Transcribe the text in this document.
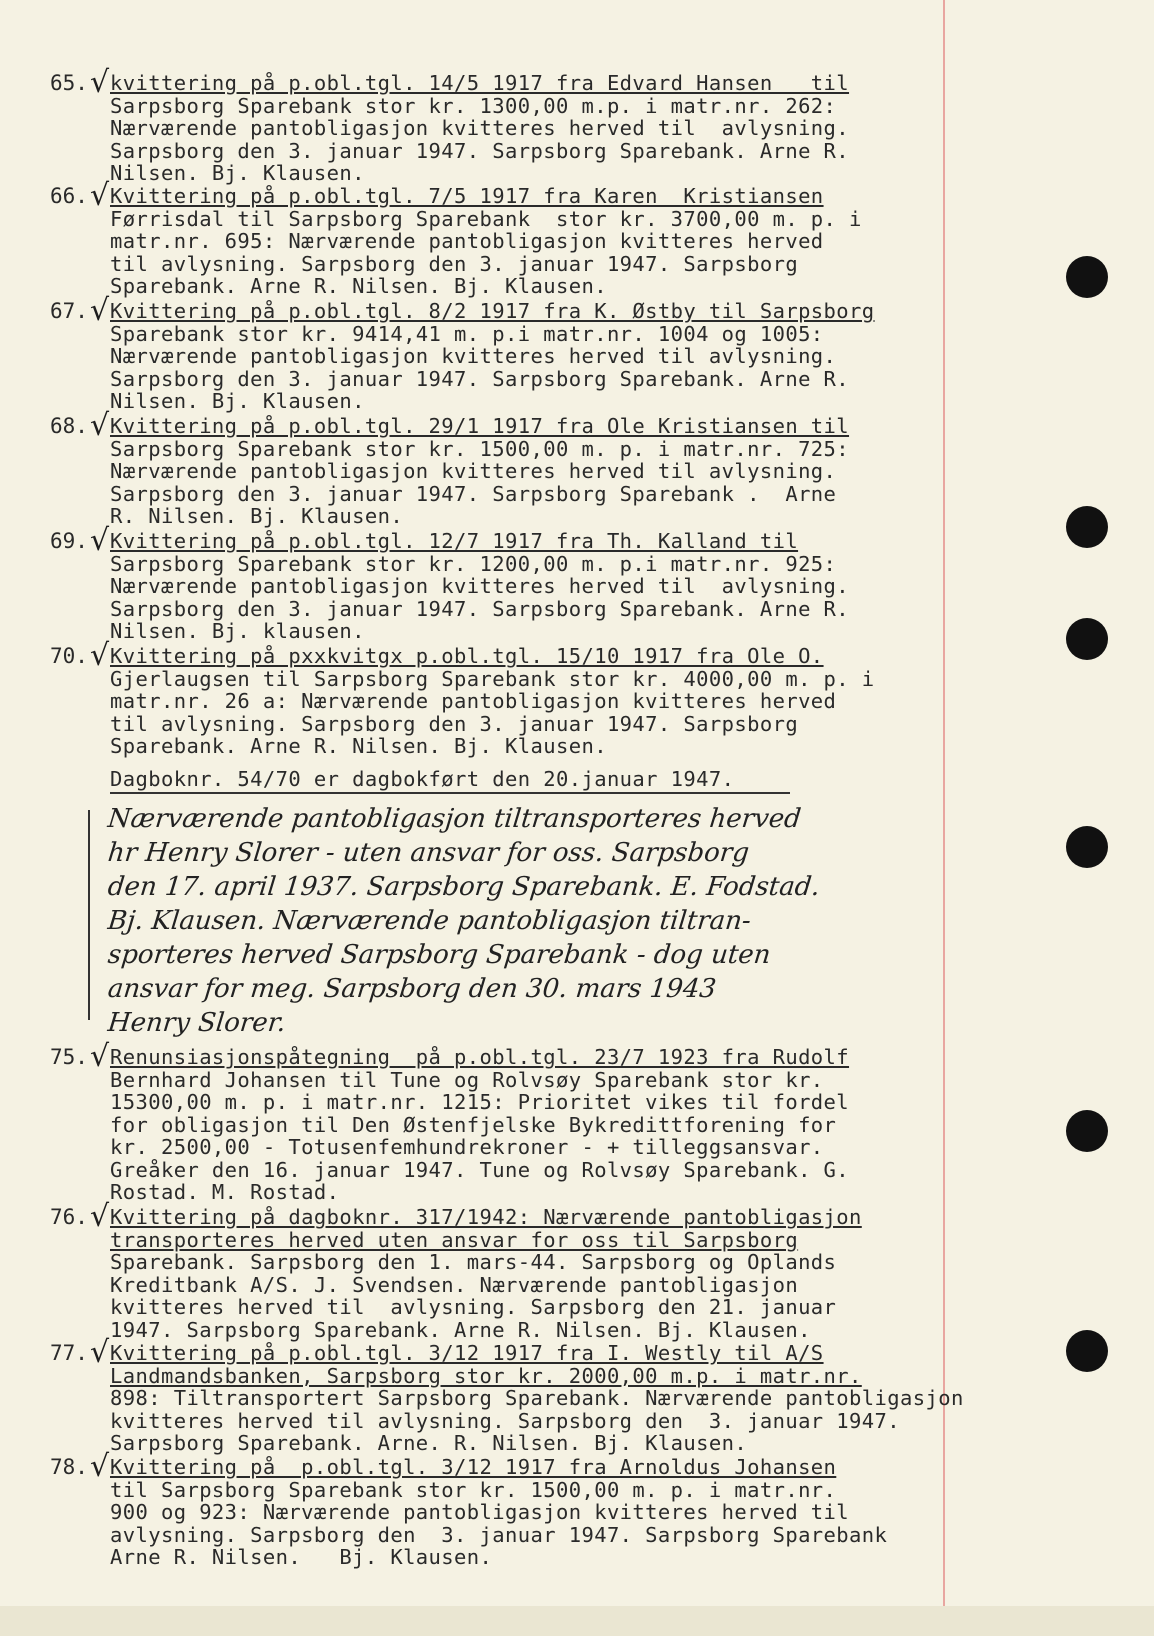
65. √ kvittering på p.obl.tgl. 14/5 1917 fra Edvard Hansen   til
Sarpsborg Sparebank stor kr. 1300,00 m.p. i matr.nr. 262:
Nærværende pantobligasjon kvitteres herved til  avlysning.
Sarpsborg den 3. januar 1947. Sarpsborg Sparebank. Arne R.
Nilsen. Bj. Klausen.
66. √ Kvittering på p.obl.tgl. 7/5 1917 fra Karen  Kristiansen
Førrisdal til Sarpsborg Sparebank  stor kr. 3700,00 m. p. i
matr.nr. 695: Nærværende pantobligasjon kvitteres herved
til avlysning. Sarpsborg den 3. januar 1947. Sarpsborg
Sparebank. Arne R. Nilsen. Bj. Klausen.
67. √ Kvittering på p.obl.tgl. 8/2 1917 fra K. Østby til Sarpsborg
Sparebank stor kr. 9414,41 m. p.i matr.nr. 1004 og 1005:
Nærværende pantobligasjon kvitteres herved til avlysning.
Sarpsborg den 3. januar 1947. Sarpsborg Sparebank. Arne R.
Nilsen. Bj. Klausen.
68. √ Kvittering på p.obl.tgl. 29/1 1917 fra Ole Kristiansen til
Sarpsborg Sparebank stor kr. 1500,00 m. p. i matr.nr. 725:
Nærværende pantobligasjon kvitteres herved til avlysning.
Sarpsborg den 3. januar 1947. Sarpsborg Sparebank .  Arne
R. Nilsen. Bj. Klausen.
69. √ Kvittering på p.obl.tgl. 12/7 1917 fra Th. Kalland til
Sarpsborg Sparebank stor kr. 1200,00 m. p.i matr.nr. 925:
Nærværende pantobligasjon kvitteres herved til  avlysning.
Sarpsborg den 3. januar 1947. Sarpsborg Sparebank. Arne R.
Nilsen. Bj. klausen.
70. √ Kvittering på pxxkvitgx p.obl.tgl. 15/10 1917 fra Ole O.
Gjerlaugsen til Sarpsborg Sparebank stor kr. 4000,00 m. p. i
matr.nr. 26 a: Nærværende pantobligasjon kvitteres herved
til avlysning. Sarpsborg den 3. januar 1947. Sarpsborg
Sparebank. Arne R. Nilsen. Bj. Klausen.
Dagboknr. 54/70 er dagbokført den 20.januar 1947.
Nærværende pantobligasjon tiltransporteres herved
hr Henry Slorer - uten ansvar for oss. Sarpsborg
den 17. april 1937. Sarpsborg Sparebank. E. Fodstad.
Bj. Klausen. Nærværende pantobligasjon tiltran-
sporteres herved Sarpsborg Sparebank - dog uten
ansvar for meg. Sarpsborg den 30. mars 1943
Henry Slorer.
75. √ Renunsiasjonspåtegning  på p.obl.tgl. 23/7 1923 fra Rudolf
Bernhard Johansen til Tune og Rolvsøy Sparebank stor kr.
15300,00 m. p. i matr.nr. 1215: Prioritet vikes til fordel
for obligasjon til Den Østenfjelske Bykredittforening for
kr. 2500,00 - Totusenfemhundrekroner - + tilleggsansvar.
Greåker den 16. januar 1947. Tune og Rolvsøy Sparebank. G.
Rostad. M. Rostad.
76. √ Kvittering på dagboknr. 317/1942: Nærværende pantobligasjon
transporteres herved uten ansvar for oss til Sarpsborg
Sparebank. Sarpsborg den 1. mars-44. Sarpsborg og Oplands
Kreditbank A/S. J. Svendsen. Nærværende pantobligasjon
kvitteres herved til  avlysning. Sarpsborg den 21. januar
1947. Sarpsborg Sparebank. Arne R. Nilsen. Bj. Klausen.
77. √ Kvittering på p.obl.tgl. 3/12 1917 fra I. Westly til A/S
Landmandsbanken, Sarpsborg stor kr. 2000,00 m.p. i matr.nr.
898: Tiltransportert Sarpsborg Sparebank. Nærværende pantobligasjon
kvitteres herved til avlysning. Sarpsborg den  3. januar 1947.
Sarpsborg Sparebank. Arne. R. Nilsen. Bj. Klausen.
78. √ Kvittering på  p.obl.tgl. 3/12 1917 fra Arnoldus Johansen
til Sarpsborg Sparebank stor kr. 1500,00 m. p. i matr.nr.
900 og 923: Nærværende pantobligasjon kvitteres herved til
avlysning. Sarpsborg den  3. januar 1947. Sarpsborg Sparebank
Arne R. Nilsen.   Bj. Klausen.
